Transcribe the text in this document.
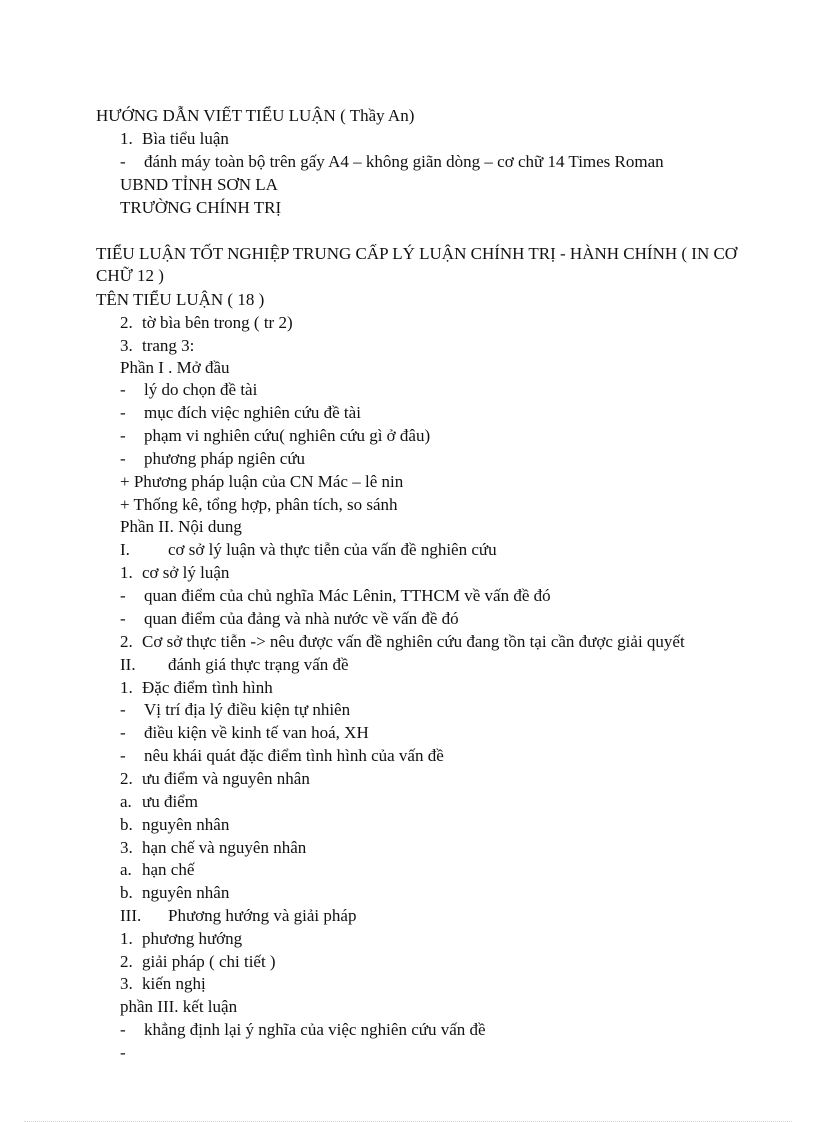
HƯỚNG DẪN VIẾT TIỂU LUẬN ( Thầy An)
1. Bìa tiểu luận
- đánh máy toàn bộ trên gấy A4 – không giãn dòng – cơ chữ 14 Times Roman
UBND TỈNH SƠN LA
TRƯỜNG CHÍNH TRỊ
TIỂU LUẬN TỐT NGHIỆP TRUNG CẤP LÝ LUẬN CHÍNH TRỊ - HÀNH CHÍNH ( IN CƠ CHỮ 12 )
TÊN TIỂU LUẬN ( 18 )
2. tờ bìa bên trong ( tr 2)
3. trang 3:
Phần I . Mở đầu
- lý do chọn đề tài
- mục đích việc nghiên cứu đề tài
- phạm vi nghiên cứu( nghiên cứu gì ở đâu)
- phương pháp ngiên cứu
+ Phương pháp luận của CN Mác – lê nin
+ Thống kê, tổng hợp, phân tích, so sánh
Phần II. Nội dung
I. cơ sở lý luận và thực tiễn của vấn đề nghiên cứu
1. cơ sở lý luận
- quan điểm của chủ nghĩa Mác Lênin, TTHCM về vấn đề đó
- quan điểm của đảng và nhà nước về vấn đề đó
2. Cơ sở thực tiễn -> nêu được vấn đề nghiên cứu đang tồn tại cần được giải quyết
II. đánh giá thực trạng vấn đề
1. Đặc điểm tình hình
- Vị trí địa lý điều kiện tự nhiên
- điều kiện về kinh tế van hoá, XH
- nêu khái quát đặc điểm tình hình của vấn đề
2. ưu điểm và nguyên nhân
a. ưu điểm
b. nguyên nhân
3. hạn chế và nguyên nhân
a. hạn chế
b. nguyên nhân
III. Phương hướng và giải pháp
1. phương hướng
2. giải pháp ( chi tiết )
3. kiến nghị
phần III. kết luận
- khẳng định lại ý nghĩa của việc nghiên cứu vấn đề
-
